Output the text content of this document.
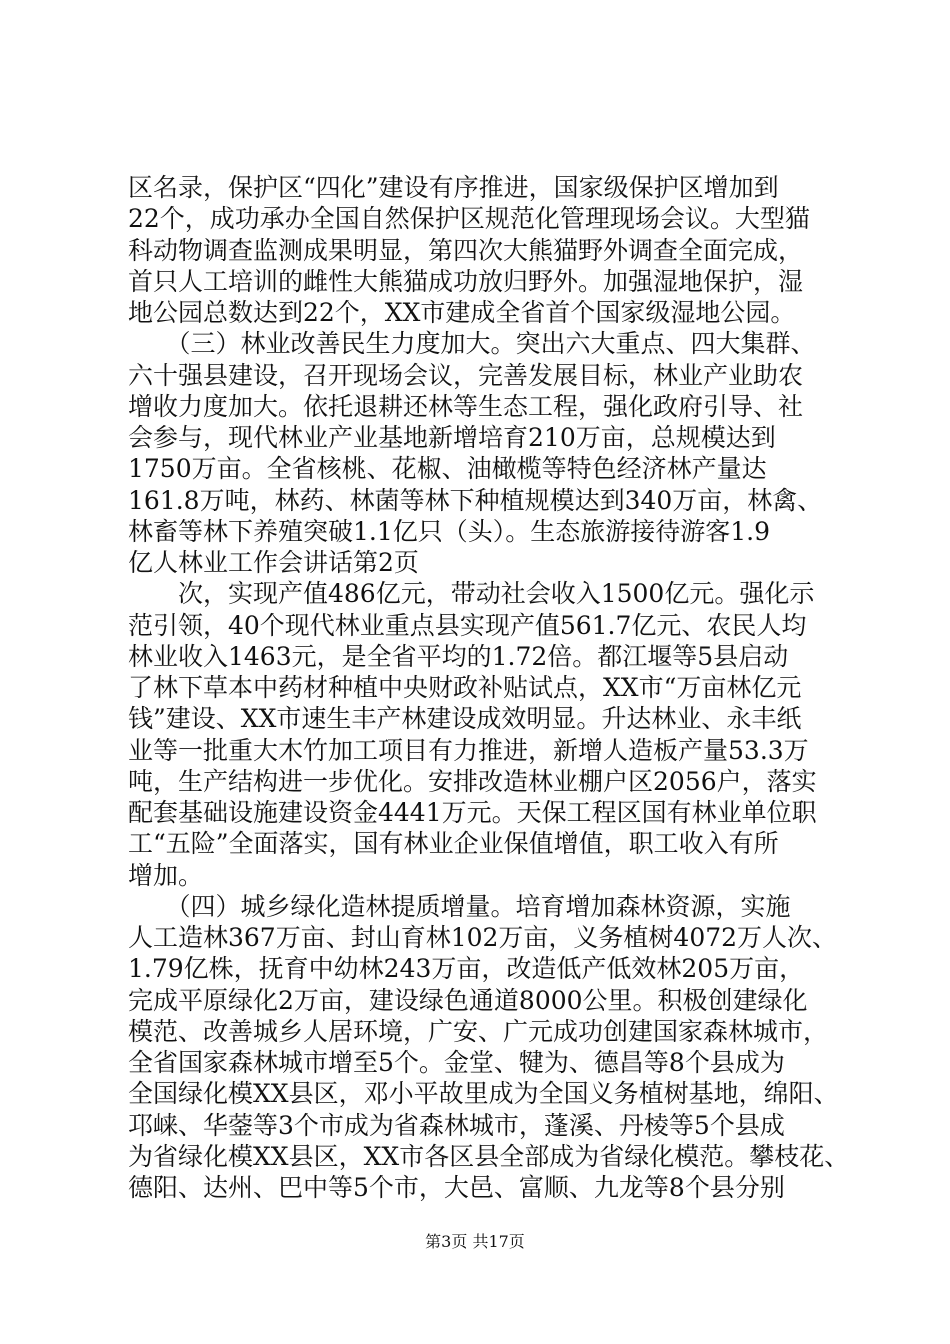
区名录，保护区“四化”建设有序推进，国家级保护区增加到
22个，成功承办全国自然保护区规范化管理现场会议。大型猫
科动物调查监测成果明显，第四次大熊猫野外调查全面完成，
首只人工培训的雌性大熊猫成功放归野外。加强湿地保护，湿
地公园总数达到22个，XX市建成全省首个国家级湿地公园。
　　（三）林业改善民生力度加大。突出六大重点、四大集群、
六十强县建设，召开现场会议，完善发展目标，林业产业助农
增收力度加大。依托退耕还林等生态工程，强化政府引导、社
会参与，现代林业产业基地新增培育210万亩，总规模达到
1750万亩。全省核桃、花椒、油橄榄等特色经济林产量达
161.8万吨，林药、林菌等林下种植规模达到340万亩，林禽、
林畜等林下养殖突破1.1亿只（头）。生态旅游接待游客1.9
亿人林业工作会讲话第2页
　　次，实现产值486亿元，带动社会收入1500亿元。强化示
范引领，40个现代林业重点县实现产值561.7亿元、农民人均
林业收入1463元，是全省平均的1.72倍。都江堰等5县启动
了林下草本中药材种植中央财政补贴试点，XX市“万亩林亿元
钱”建设、XX市速生丰产林建设成效明显。升达林业、永丰纸
业等一批重大木竹加工项目有力推进，新增人造板产量53.3万
吨，生产结构进一步优化。安排改造林业棚户区2056户，落实
配套基础设施建设资金4441万元。天保工程区国有林业单位职
工“五险”全面落实，国有林业企业保值增值，职工收入有所
增加。
　　（四）城乡绿化造林提质增量。培育增加森林资源，实施
人工造林367万亩、封山育林102万亩，义务植树4072万人次、
1.79亿株，抚育中幼林243万亩，改造低产低效林205万亩，
完成平原绿化2万亩，建设绿色通道8000公里。积极创建绿化
模范、改善城乡人居环境，广安、广元成功创建国家森林城市，
全省国家森林城市增至5个。金堂、犍为、德昌等8个县成为
全国绿化模XX县区，邓小平故里成为全国义务植树基地，绵阳、
邛崃、华蓥等3个市成为省森林城市，蓬溪、丹棱等5个县成
为省绿化模XX县区，XX市各区县全部成为省绿化模范。攀枝花、
德阳、达州、巴中等5个市，大邑、富顺、九龙等8个县分别
第3页 共17页
